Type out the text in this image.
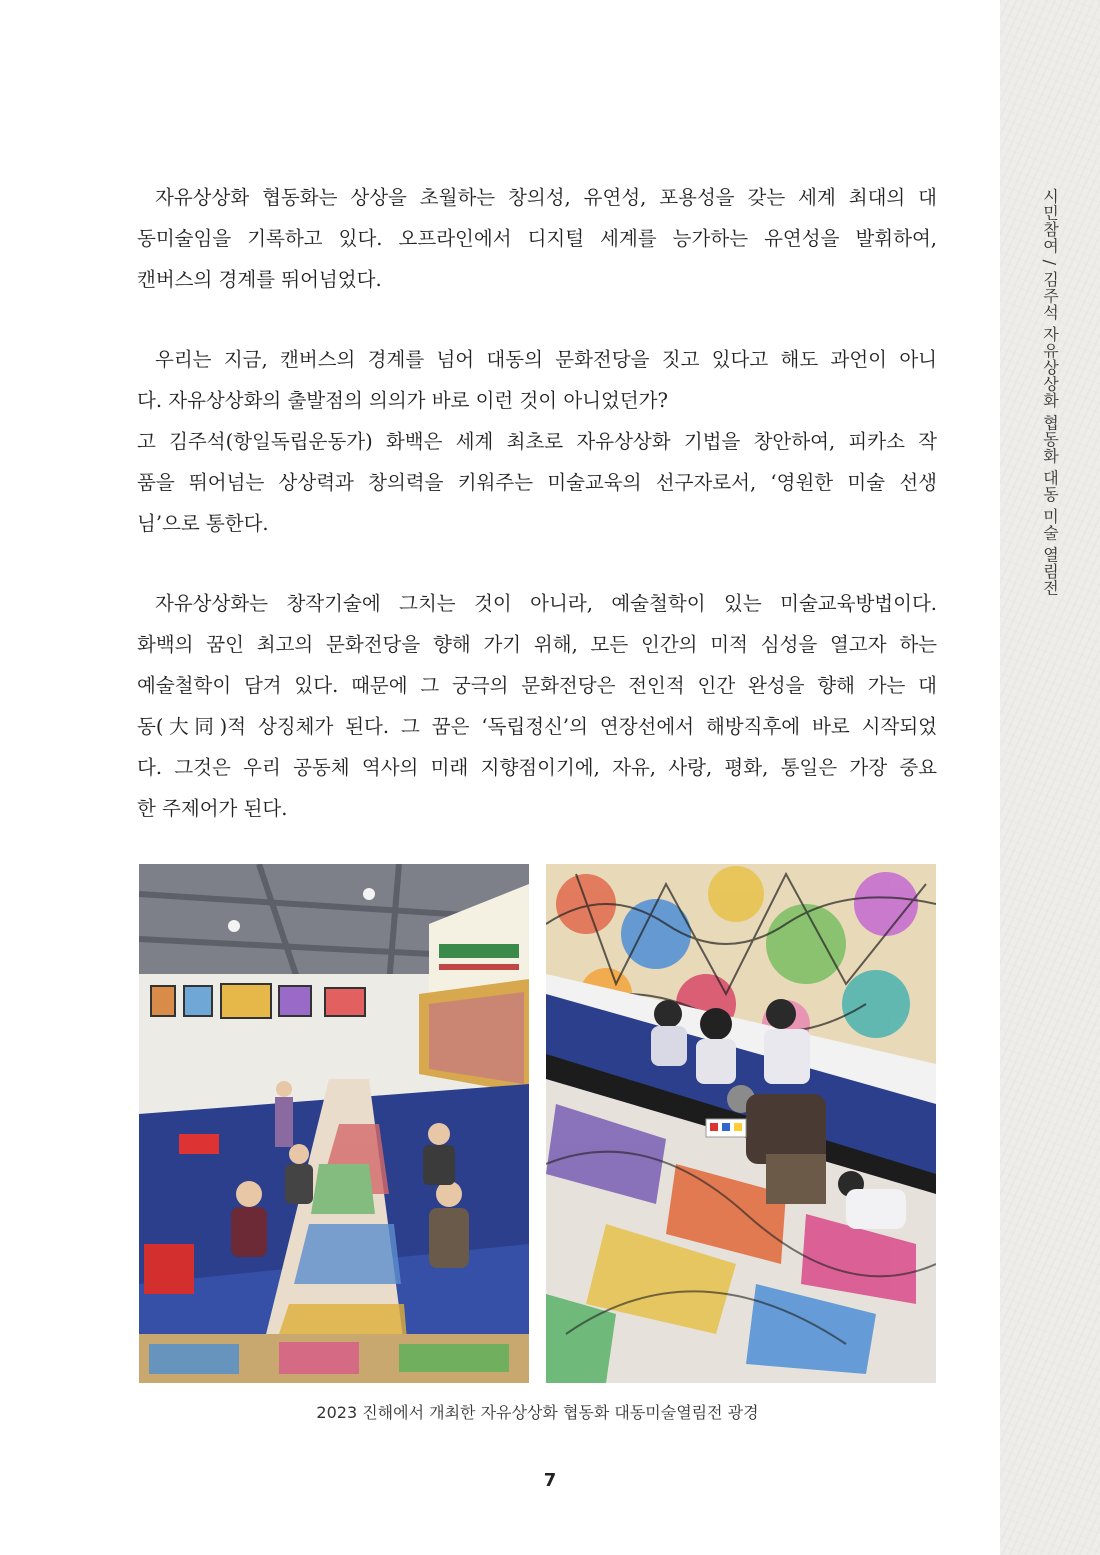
시민참여 / 김주석 자유상상화 협동화 대동 미술 열림전
자유상상화 협동화는 상상을 초월하는 창의성, 유연성, 포용성을 갖는 세계 최대의 대
동미술임을 기록하고 있다. 오프라인에서 디지털 세계를 능가하는 유연성을 발휘하여,
캔버스의 경계를 뛰어넘었다.
우리는 지금, 캔버스의 경계를 넘어 대동의 문화전당을 짓고 있다고 해도 과언이 아니
다. 자유상상화의 출발점의 의의가 바로 이런 것이 아니었던가?
고 김주석(항일독립운동가) 화백은 세계 최초로 자유상상화 기법을 창안하여, 피카소 작
품을 뛰어넘는 상상력과 창의력을 키워주는 미술교육의 선구자로서, ‘영원한 미술 선생
님’으로 통한다.
자유상상화는 창작기술에 그치는 것이 아니라, 예술철학이 있는 미술교육방법이다.
화백의 꿈인 최고의 문화전당을 향해 가기 위해, 모든 인간의 미적 심성을 열고자 하는
예술철학이 담겨 있다. 때문에 그 궁극의 문화전당은 전인적 인간 완성을 향해 가는 대
동(大同)적 상징체가 된다. 그 꿈은 ‘독립정신’의 연장선에서 해방직후에 바로 시작되었
다. 그것은 우리 공동체 역사의 미래 지향점이기에, 자유, 사랑, 평화, 통일은 가장 중요
한 주제어가 된다.
2023 진해에서 개최한 자유상상화 협동화 대동미술열림전 광경
7
